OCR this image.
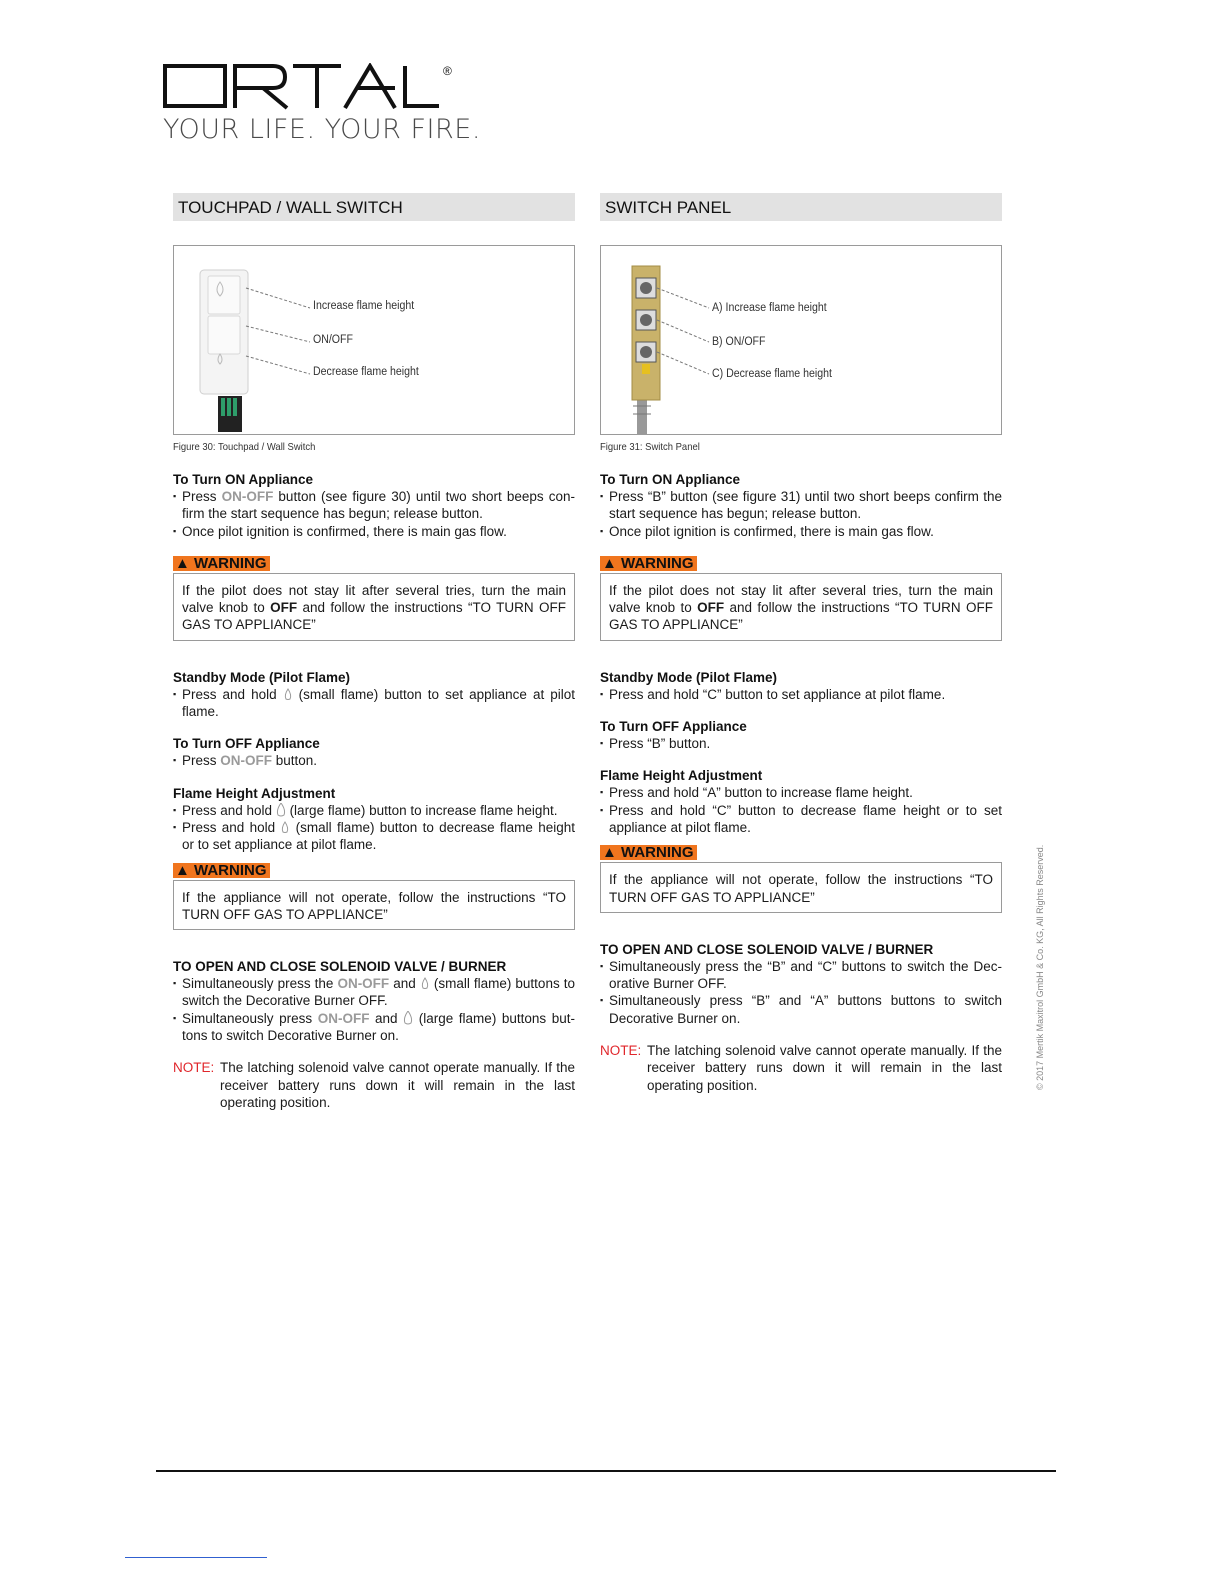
®
YOUR LIFE. YOUR FIRE.
TOUCHPAD / WALL SWITCH
Increase flame height
ON/OFF
Decrease flame height
Figure 30: Touchpad / Wall Switch
To Turn ON Appliance
▪ Press ON-OFF button (see figure 30) until two short beeps con-firm the start sequence has begun; release button.
▪ Once pilot ignition is confirmed, there is main gas flow.
▲ WARNING
If the pilot does not stay lit after several tries, turn the main valve knob to OFF and follow the instructions “TO TURN OFF GAS TO APPLIANCE”
Standby Mode (Pilot Flame)
▪ Press and hold  (small flame) button to set appliance at pilot flame.
To Turn OFF Appliance
▪ Press ON-OFF button.
Flame Height Adjustment
▪ Press and hold  (large flame) button to increase flame height.
▪ Press and hold  (small flame) button to decrease flame height or to set appliance at pilot flame.
▲ WARNING
If the appliance will not operate, follow the instructions “TO TURN OFF GAS TO APPLIANCE”
TO OPEN AND CLOSE SOLENOID VALVE / BURNER
▪ Simultaneously press the ON-OFF and  (small flame) buttons to switch the Decorative Burner OFF.
▪ Simultaneously press ON-OFF and  (large flame) buttons but-tons to switch Decorative Burner on.
NOTE: The latching solenoid valve cannot operate manually. If the receiver battery runs down it will remain in the last operating position.
SWITCH PANEL
A) Increase flame height
B) ON/OFF
C) Decrease flame height
Figure 31: Switch Panel
To Turn ON Appliance
▪ Press “B” button (see figure 31) until two short beeps confirm the start sequence has begun; release button.
▪ Once pilot ignition is confirmed, there is main gas flow.
▲ WARNING
If the pilot does not stay lit after several tries, turn the main valve knob to OFF and follow the instructions “TO TURN OFF GAS TO APPLIANCE”
Standby Mode (Pilot Flame)
▪ Press and hold “C” button to set appliance at pilot flame.
To Turn OFF Appliance
▪ Press “B” button.
Flame Height Adjustment
▪ Press and hold “A” button to increase flame height.
▪ Press and hold “C” button to decrease flame height or to set appliance at pilot flame.
▲ WARNING
If the appliance will not operate, follow the instructions “TO TURN OFF GAS TO APPLIANCE”
TO OPEN AND CLOSE SOLENOID VALVE / BURNER
▪ Simultaneously press the “B” and “C” buttons to switch the Dec-orative Burner OFF.
▪ Simultaneously press “B” and “A” buttons buttons to switch Decorative Burner on.
NOTE: The latching solenoid valve cannot operate manually. If the receiver battery runs down it will remain in the last operating position.	© 2017 Mertik Maxitrol GmbH & Co. KG, All Rights Reserved.
